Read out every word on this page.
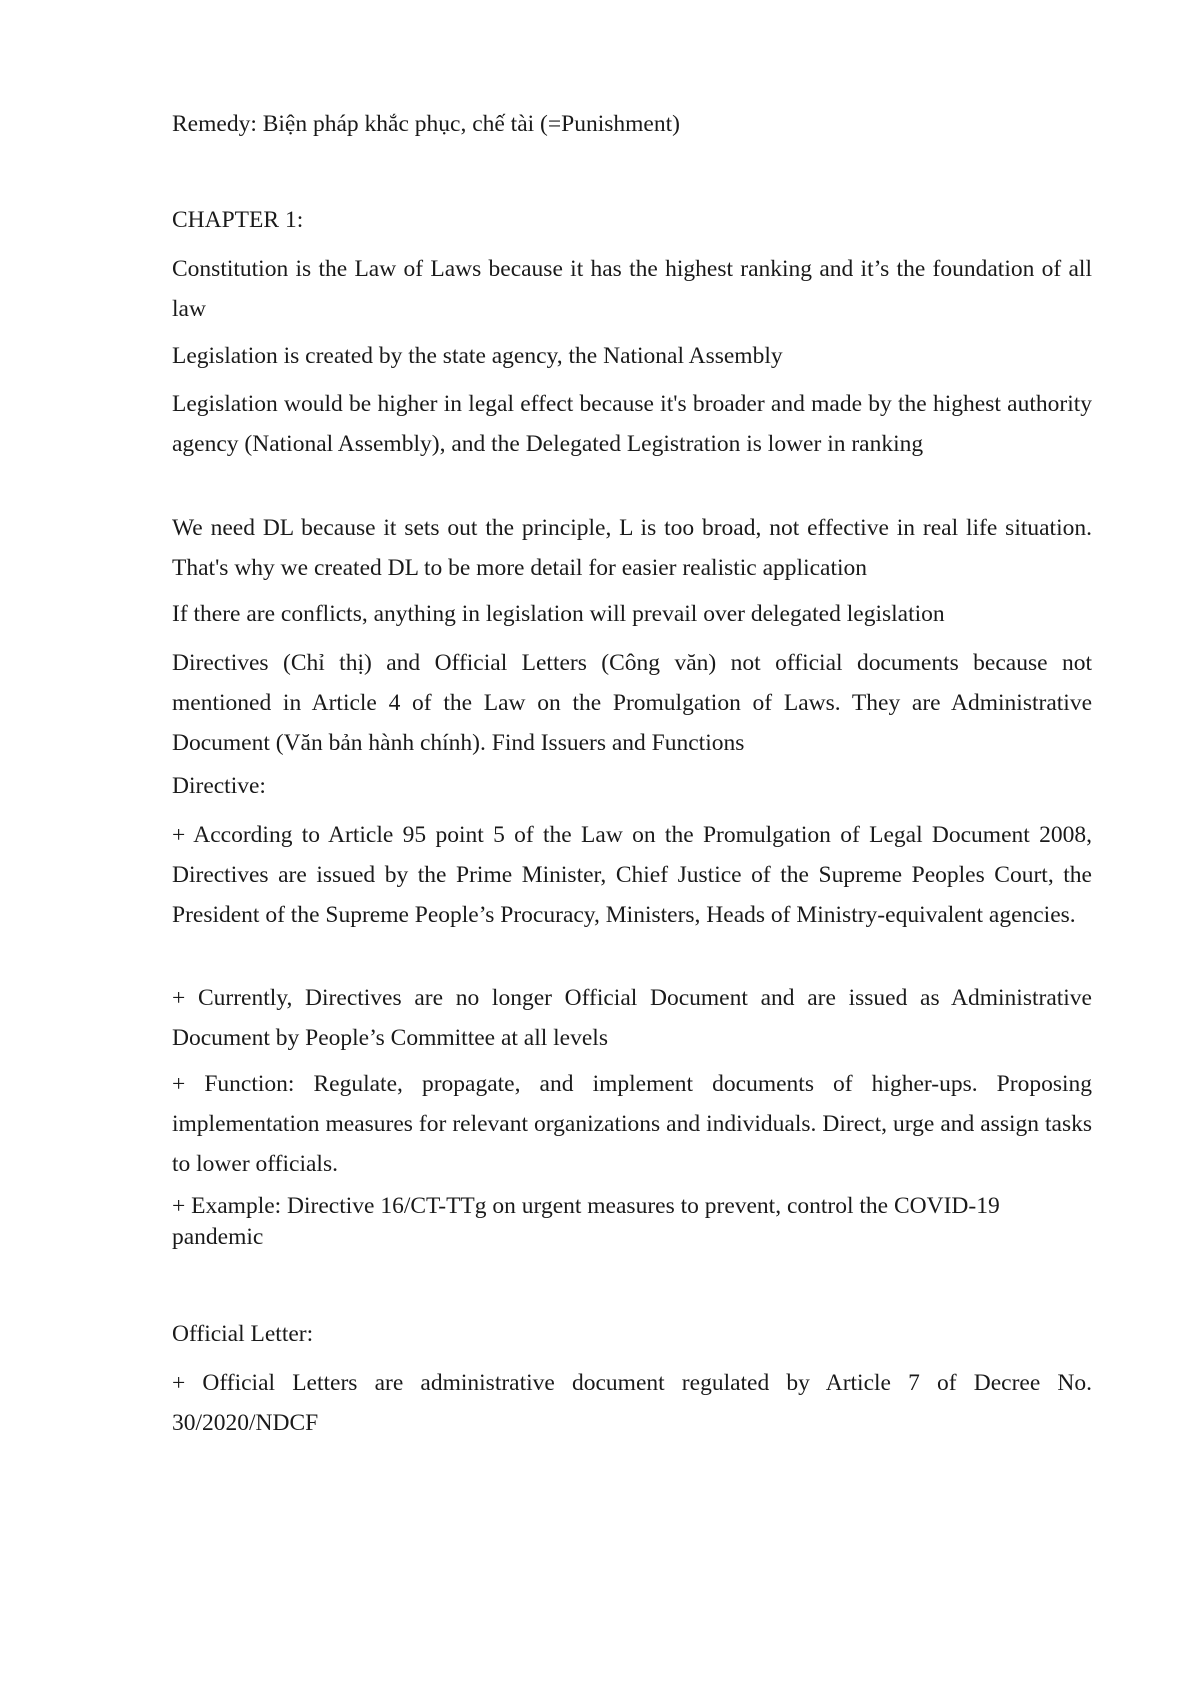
Remedy: Biện pháp khắc phục, chế tài (=Punishment)

CHAPTER 1:

Constitution is the Law of Laws because it has the highest ranking and it’s the foundation of all law

Legislation is created by the state agency, the National Assembly

Legislation would be higher in legal effect because it's broader and made by the highest authority agency (National Assembly), and the Delegated Legistration is lower in ranking

We need DL because it sets out the principle, L is too broad, not effective in real life situation. That's why we created DL to be more detail for easier realistic application

If there are conflicts, anything in legislation will prevail over delegated legislation

Directives (Chỉ thị) and Official Letters (Công văn) not official documents because not mentioned in Article 4 of the Law on the Promulgation of Laws. They are Administrative Document (Văn bản hành chính). Find Issuers and Functions

Directive:

+ According to Article 95 point 5 of the Law on the Promulgation of Legal Document 2008, Directives are issued by the Prime Minister, Chief Justice of the Supreme Peoples Court, the President of the Supreme People’s Procuracy, Ministers, Heads of Ministry-equivalent agencies.

+ Currently, Directives are no longer Official Document and are issued as Administrative Document by People’s Committee at all levels

+ Function: Regulate, propagate, and implement documents of higher-ups. Proposing implementation measures for relevant organizations and individuals. Direct, urge and assign tasks to lower officials.

+ Example: Directive 16/CT-TTg on urgent measures to prevent, control the COVID-19 pandemic

Official Letter:

+ Official Letters are administrative document regulated by Article 7 of Decree No. 30/2020/NDCF
